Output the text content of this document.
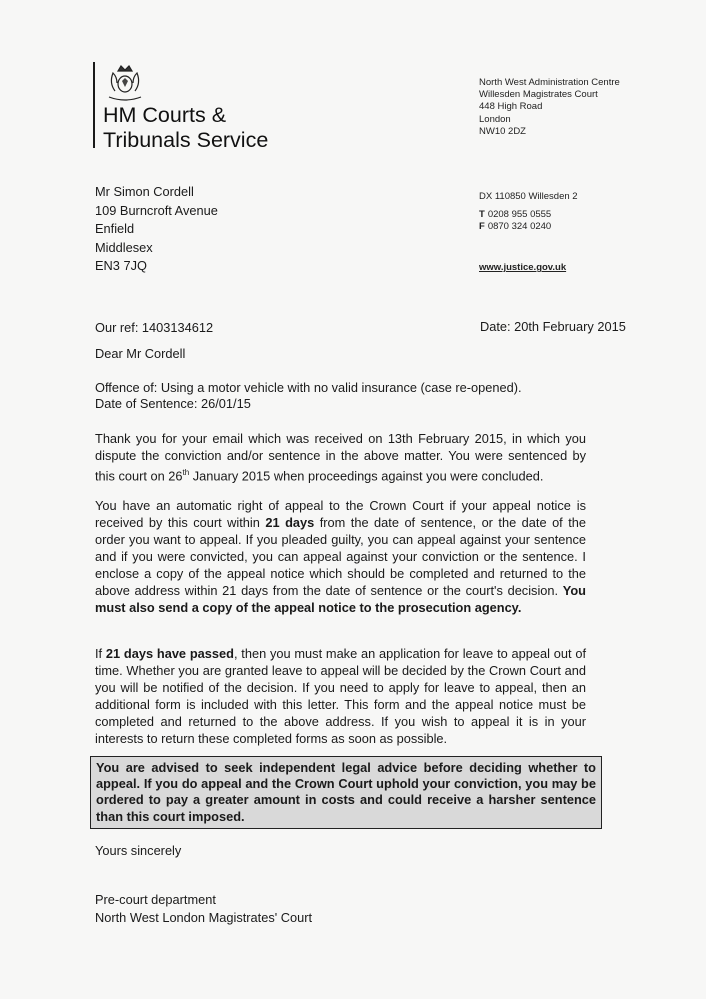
HM Courts &
Tribunals Service
North West Administration Centre
Willesden Magistrates Court
448 High Road
London
NW10 2DZ
DX 110850 Willesden 2
T 0208 955 0555
F 0870 324 0240
www.justice.gov.uk
Mr Simon Cordell
109 Burncroft Avenue
Enfield
Middlesex
EN3 7JQ
Our ref: 1403134612	Date: 20th February 2015
Dear Mr Cordell
Offence of: Using a motor vehicle with no valid insurance (case re-opened).
Date of Sentence: 26/01/15

Thank you for your email which was received on 13th February 2015, in which you dispute the conviction and/or sentence in the above matter. You were sentenced by this court on 26th January 2015 when proceedings against you were concluded.

You have an automatic right of appeal to the Crown Court if your appeal notice is received by this court within 21 days from the date of sentence, or the date of the order you want to appeal. If you pleaded guilty, you can appeal against your sentence and if you were convicted, you can appeal against your conviction or the sentence. I enclose a copy of the appeal notice which should be completed and returned to the above address within 21 days from the date of sentence or the court's decision. You must also send a copy of the appeal notice to the prosecution agency.

If 21 days have passed, then you must make an application for leave to appeal out of time. Whether you are granted leave to appeal will be decided by the Crown Court and you will be notified of the decision. If you need to apply for leave to appeal, then an additional form is included with this letter. This form and the appeal notice must be completed and returned to the above address. If you wish to appeal it is in your interests to return these completed forms as soon as possible.

You are advised to seek independent legal advice before deciding whether to appeal. If you do appeal and the Crown Court uphold your conviction, you may be ordered to pay a greater amount in costs and could receive a harsher sentence than this court imposed.
Yours sincerely
Pre-court department
North West London Magistrates' Court
